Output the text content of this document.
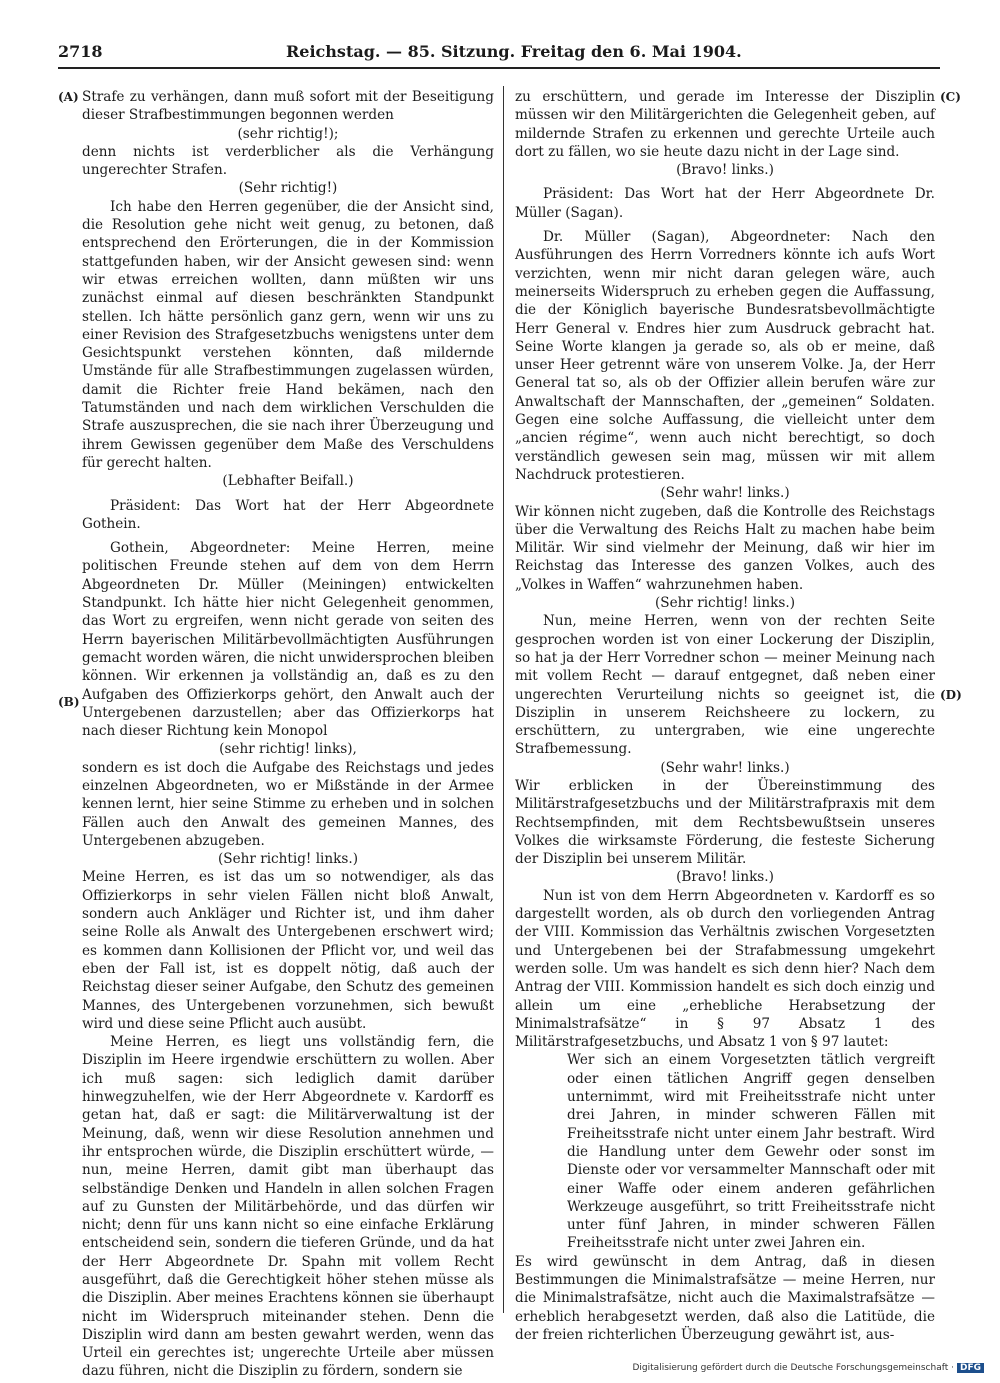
2718	Reichstag. — 85. Sitzung. Freitag den 6. Mai 1904.
(A)
(B)
(C)
(D)

Strafe zu verhängen, dann muß sofort mit der Beseitigung dieser Strafbestimmungen begonnen werden

(sehr richtig!);

denn nichts ist verderblicher als die Verhängung ungerechter Strafen.

(Sehr richtig!)

Ich habe den Herren gegenüber, die der Ansicht sind, die Resolution gehe nicht weit genug, zu betonen, daß entsprechend den Erörterungen, die in der Kommission stattgefunden haben, wir der Ansicht gewesen sind: wenn wir etwas erreichen wollten, dann müßten wir uns zunächst einmal auf diesen beschränkten Standpunkt stellen. Ich hätte persönlich ganz gern, wenn wir uns zu einer Revision des Strafgesetzbuchs wenigstens unter dem Gesichtspunkt verstehen könnten, daß mildernde Umstände für alle Strafbestimmungen zugelassen würden, damit die Richter freie Hand bekämen, nach den Tatumständen und nach dem wirklichen Verschulden die Strafe auszusprechen, die sie nach ihrer Überzeugung und ihrem Gewissen gegenüber dem Maße des Verschuldens für gerecht halten.

(Lebhafter Beifall.)

Präsident: Das Wort hat der Herr Abgeordnete Gothein.

Gothein, Abgeordneter: Meine Herren, meine politischen Freunde stehen auf dem von dem Herrn Abgeordneten Dr. Müller (Meiningen) entwickelten Standpunkt. Ich hätte hier nicht Gelegenheit genommen, das Wort zu ergreifen, wenn nicht gerade von seiten des Herrn bayerischen Militärbevollmächtigten Ausführungen gemacht worden wären, die nicht unwidersprochen bleiben können. Wir erkennen ja vollständig an, daß es zu den Aufgaben des Offizierkorps gehört, den Anwalt auch der Untergebenen darzustellen; aber das Offizierkorps hat nach dieser Richtung kein Monopol

(sehr richtig! links),

sondern es ist doch die Aufgabe des Reichstags und jedes einzelnen Abgeordneten, wo er Mißstände in der Armee kennen lernt, hier seine Stimme zu erheben und in solchen Fällen auch den Anwalt des gemeinen Mannes, des Untergebenen abzugeben.

(Sehr richtig! links.)

Meine Herren, es ist das um so notwendiger, als das Offizierkorps in sehr vielen Fällen nicht bloß Anwalt, sondern auch Ankläger und Richter ist, und ihm daher seine Rolle als Anwalt des Untergebenen erschwert wird; es kommen dann Kollisionen der Pflicht vor, und weil das eben der Fall ist, ist es doppelt nötig, daß auch der Reichstag dieser seiner Aufgabe, den Schutz des gemeinen Mannes, des Untergebenen vorzunehmen, sich bewußt wird und diese seine Pflicht auch ausübt.

Meine Herren, es liegt uns vollständig fern, die Disziplin im Heere irgendwie erschüttern zu wollen. Aber ich muß sagen: sich lediglich damit darüber hinwegzuhelfen, wie der Herr Abgeordnete v. Kardorff es getan hat, daß er sagt: die Militärverwaltung ist der Meinung, daß, wenn wir diese Resolution annehmen und ihr entsprochen würde, die Disziplin erschüttert würde, — nun, meine Herren, damit gibt man überhaupt das selbständige Denken und Handeln in allen solchen Fragen auf zu Gunsten der Militärbehörde, und das dürfen wir nicht; denn für uns kann nicht so eine einfache Erklärung entscheidend sein, sondern die tieferen Gründe, und da hat der Herr Abgeordnete Dr. Spahn mit vollem Recht ausgeführt, daß die Gerechtigkeit höher stehen müsse als die Disziplin. Aber meines Erachtens können sie überhaupt nicht im Widerspruch miteinander stehen. Denn die Disziplin wird dann am besten gewahrt werden, wenn das Urteil ein gerechtes ist; ungerechte Urteile aber müssen dazu führen, nicht die Disziplin zu fördern, sondern sie

zu erschüttern, und gerade im Interesse der Disziplin müssen wir den Militärgerichten die Gelegenheit geben, auf mildernde Strafen zu erkennen und gerechte Urteile auch dort zu fällen, wo sie heute dazu nicht in der Lage sind.

(Bravo! links.)

Präsident: Das Wort hat der Herr Abgeordnete Dr. Müller (Sagan).

Dr. Müller (Sagan), Abgeordneter: Nach den Ausführungen des Herrn Vorredners könnte ich aufs Wort verzichten, wenn mir nicht daran gelegen wäre, auch meinerseits Widerspruch zu erheben gegen die Auffassung, die der Königlich bayerische Bundesratsbevollmächtigte Herr General v. Endres hier zum Ausdruck gebracht hat. Seine Worte klangen ja gerade so, als ob er meine, daß unser Heer getrennt wäre von unserem Volke. Ja, der Herr General tat so, als ob der Offizier allein berufen wäre zur Anwaltschaft der Mannschaften, der „gemeinen“ Soldaten. Gegen eine solche Auffassung, die vielleicht unter dem „ancien régime“, wenn auch nicht berechtigt, so doch verständlich gewesen sein mag, müssen wir mit allem Nachdruck protestieren.

(Sehr wahr! links.)

Wir können nicht zugeben, daß die Kontrolle des Reichstags über die Verwaltung des Reichs Halt zu machen habe beim Militär. Wir sind vielmehr der Meinung, daß wir hier im Reichstag das Interesse des ganzen Volkes, auch des „Volkes in Waffen“ wahrzunehmen haben.

(Sehr richtig! links.)

Nun, meine Herren, wenn von der rechten Seite gesprochen worden ist von einer Lockerung der Disziplin, so hat ja der Herr Vorredner schon — meiner Meinung nach mit vollem Recht — darauf entgegnet, daß neben einer ungerechten Verurteilung nichts so geeignet ist, die Disziplin in unserem Reichsheere zu lockern, zu erschüttern, zu untergraben, wie eine ungerechte Strafbemessung.

(Sehr wahr! links.)

Wir erblicken in der Übereinstimmung des Militärstrafgesetzbuchs und der Militärstrafpraxis mit dem Rechtsempfinden, mit dem Rechtsbewußtsein unseres Volkes die wirksamste Förderung, die festeste Sicherung der Disziplin bei unserem Militär.

(Bravo! links.)

Nun ist von dem Herrn Abgeordneten v. Kardorff es so dargestellt worden, als ob durch den vorliegenden Antrag der VIII. Kommission das Verhältnis zwischen Vorgesetzten und Untergebenen bei der Strafabmessung umgekehrt werden solle. Um was handelt es sich denn hier? Nach dem Antrag der VIII. Kommission handelt es sich doch einzig und allein um eine „erhebliche Herabsetzung der Minimalstrafsätze“ in § 97 Absatz 1 des Militärstrafgesetzbuchs, und Absatz 1 von § 97 lautet:

Wer sich an einem Vorgesetzten tätlich vergreift oder einen tätlichen Angriff gegen denselben unternimmt, wird mit Freiheitsstrafe nicht unter drei Jahren, in minder schweren Fällen mit Freiheitsstrafe nicht unter einem Jahr bestraft. Wird die Handlung unter dem Gewehr oder sonst im Dienste oder vor versammelter Mannschaft oder mit einer Waffe oder einem anderen gefährlichen Werkzeuge ausgeführt, so tritt Freiheitsstrafe nicht unter fünf Jahren, in minder schweren Fällen Freiheitsstrafe nicht unter zwei Jahren ein.

Es wird gewünscht in dem Antrag, daß in diesen Bestimmungen die Minimalstrafsätze — meine Herren, nur die Minimalstrafsätze, nicht auch die Maximalstrafsätze — erheblich herabgesetzt werden, daß also die Latitüde, die der freien richterlichen Überzeugung gewährt ist, aus-

Digitalisierung gefördert durch die Deutsche Forschungsgemeinschaft · DFG
